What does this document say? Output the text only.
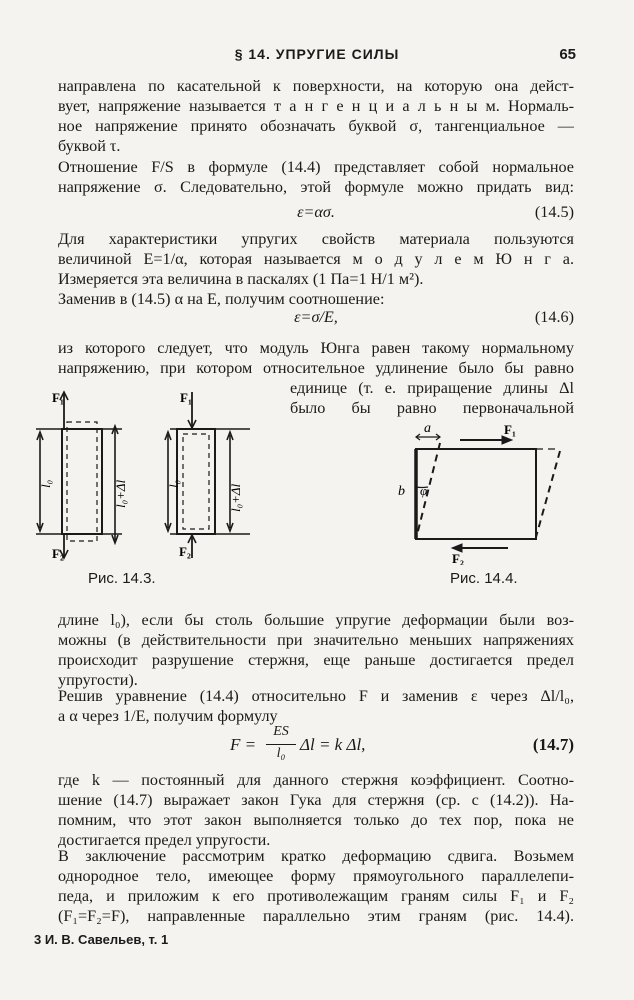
§ 14. УПРУГИЕ СИЛЫ	65
направлена по касательной к поверхности, на которую она дейст-
вует, напряжение называется т а н г е н ц и а л ь н ы м. Нормаль-
ное напряжение принято обозначать буквой σ, тангенциальное —
буквой τ.
Отношение F/S в формуле (14.4) представляет собой нормальное
напряжение σ. Следовательно, этой формуле можно придать вид:
ε=ασ.	(14.5)
Для характеристики упругих свойств материала пользуются
величиной E=1/α, которая называется м о д у л е м Ю н г а.
Измеряется эта величина в паскалях (1 Па=1 Н/1 м²).
Заменив в (14.5) α на E, получим соотношение:
ε=σ/E,	(14.6)
из которого следует, что модуль Юнга равен такому нормальному
напряжению, при котором относительное удлинение было бы равно
единице (т. е. приращение длины Δl
было бы равно первоначальной
F₁
F₂
F₁
F₂
l₀	l₀+Δl	l₀	l₀+Δl
Рис. 14.3.
a
b φ
F₁
F₂
Рис. 14.4.
длине l₀), если бы столь большие упругие деформации были воз-
можны (в действительности при значительно меньших напряжениях
происходит разрушение стержня, еще раньше достигается предел
упругости).
Решив уравнение (14.4) относительно F и заменив ε через Δl/l₀,
а α через 1/E, получим формулу
F =
ES
l₀ Δl = k Δl,	(14.7)
где k — постоянный для данного стержня коэффициент. Соотно-
шение (14.7) выражает закон Гука для стержня (ср. с (14.2)). На-
помним, что этот закон выполняется только до тех пор, пока не
достигается предел упругости.
В заключение рассмотрим кратко деформацию сдвига. Возьмем
однородное тело, имеющее форму прямоугольного параллелепи-
педа, и приложим к его противолежащим граням силы F₁ и F₂
(F₁=F₂=F), направленные параллельно этим граням (рис. 14.4).
3 И. В. Савельев, т. 1
